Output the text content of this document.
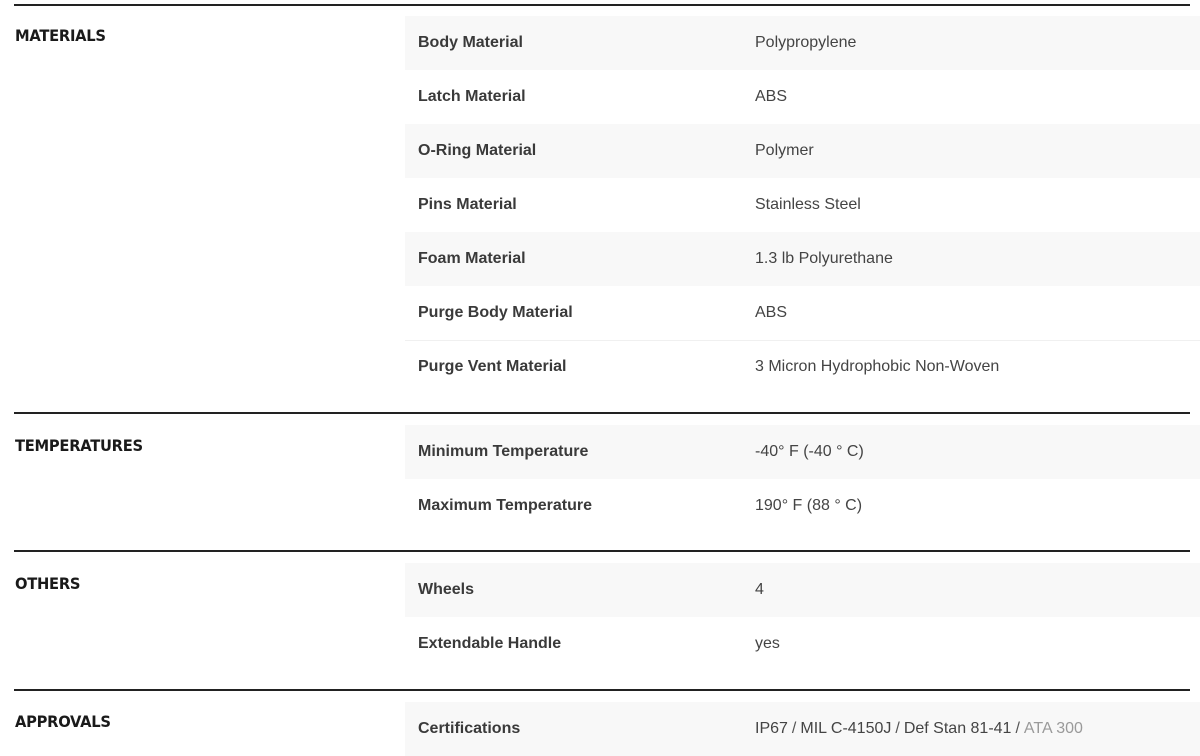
MATERIALS	Body Material	Polypropylene
Latch Material	ABS
O-Ring Material	Polymer
Pins Material	Stainless Steel
Foam Material	1.3 lb Polyurethane
Purge Body Material	ABS
Purge Vent Material	3 Micron Hydrophobic Non-Woven
TEMPERATURES	Minimum Temperature	-40° F (-40 ° C)
Maximum Temperature	190° F (88 ° C)
OTHERS	Wheels	4
Extendable Handle	yes
APPROVALS	Certifications	IP67 / MIL C-4150J / Def Stan 81-41 / ATA 300
